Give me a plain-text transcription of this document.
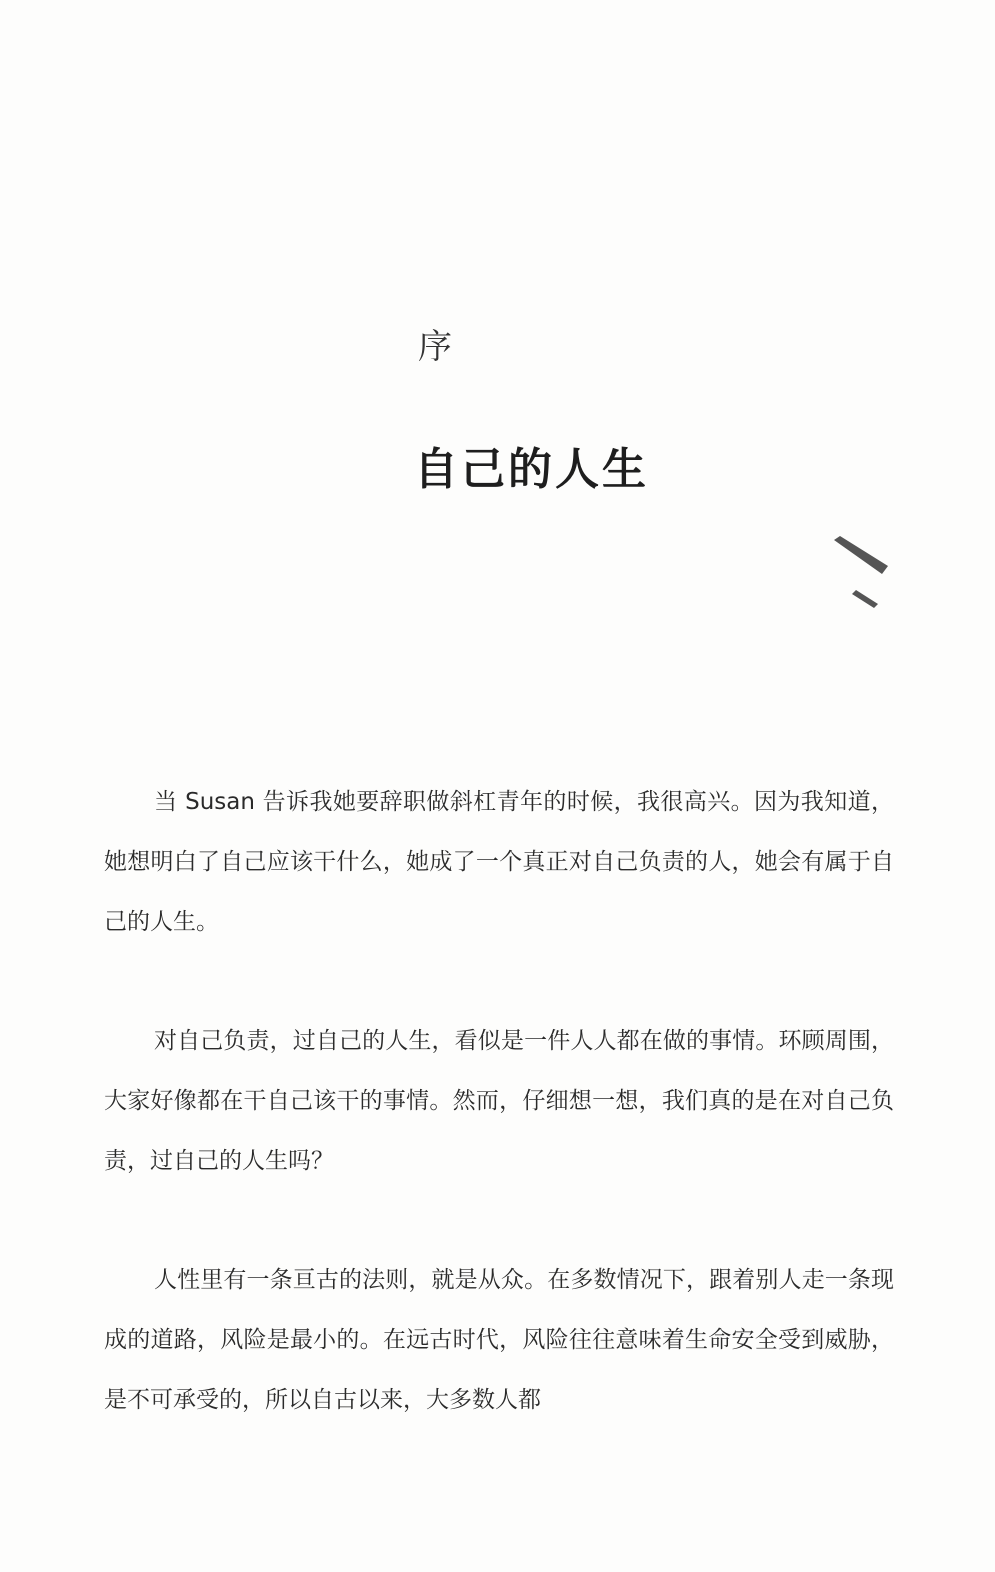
序
自己的人生

当 Susan 告诉我她要辞职做斜杠青年的时候，我很高兴。因为我知道，她想明白了自己应该干什么，她成了一个真正对自己负责的人，她会有属于自己的人生。

对自己负责，过自己的人生，看似是一件人人都在做的事情。环顾周围，大家好像都在干自己该干的事情。然而，仔细想一想，我们真的是在对自己负责，过自己的人生吗？

人性里有一条亘古的法则，就是从众。在多数情况下，跟着别人走一条现成的道路，风险是最小的。在远古时代，风险往往意味着生命安全受到威胁，是不可承受的，所以自古以来，大多数人都
